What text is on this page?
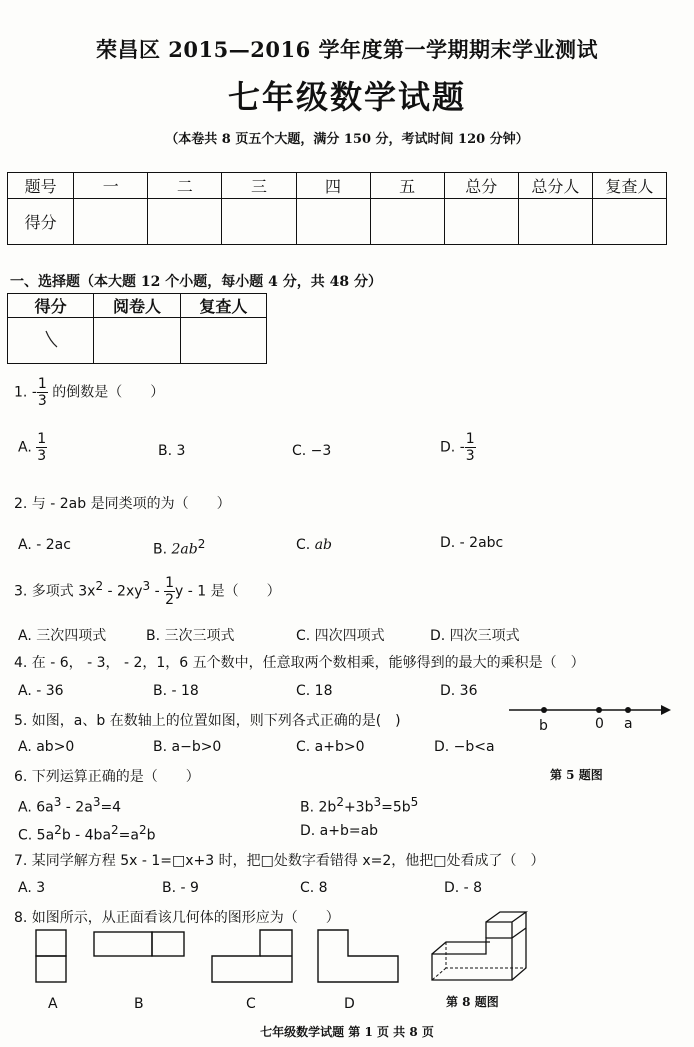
荣昌区 2015—2016 学年度第一学期期末学业测试
七年级数学试题
（本卷共 8 页五个大题，满分 150 分，考试时间 120 分钟）
题号	一	二	三	四	五	总分	总分人	复查人
得分								
一、选择题（本大题 12 个小题，每小题 4 分，共 48 分）
得分	阅卷人	复查人

1. - $\frac{1}{3}$ 的倒数是（　　）
A. $\frac{1}{3}$	B. 3	C. −3	D. - $\frac{1}{3}$
2. 与 - 2ab 是同类项的为（　　）
A. - 2ac	B. $2ab^2$	C. ab	D. - 2abc
3. 多项式 $3x^2 - 2xy^3 - \frac{1}{2}$ y - 1 是（　　）
A. 三次四项式	B. 三次三项式	C. 四次四项式	D. 四次三项式
4. 在 - 6， - 3， - 2，1，6 五个数中，任意取两个数相乘，能够得到的最大的乘积是（　）
A. - 36	B. - 18	C. 18	D. 36
5. 如图，a、b 在数轴上的位置如图，则下列各式正确的是(　)
A. ab>0	B. a−b>0	C. a+b>0	D. −b<a
b	0 a
第 5 题图
6. 下列运算正确的是（　　）
A. $6a^3 - 2a^3=4$	B. $2b^2+3b^3=5b^5$
C. $5a^2b - 4ba^2=a^2b$	D. a+b=ab
7. 某同学解方程 5x - 1=□x+3 时，把□处数字看错得 x=2，他把□处看成了（　）
A. 3	B. - 9	C. 8	D. - 8
8. 如图所示，从正面看该几何体的图形应为（　　）
A	B	C	D	第 8 题图
七年级数学试题 第 1 页 共 8 页
